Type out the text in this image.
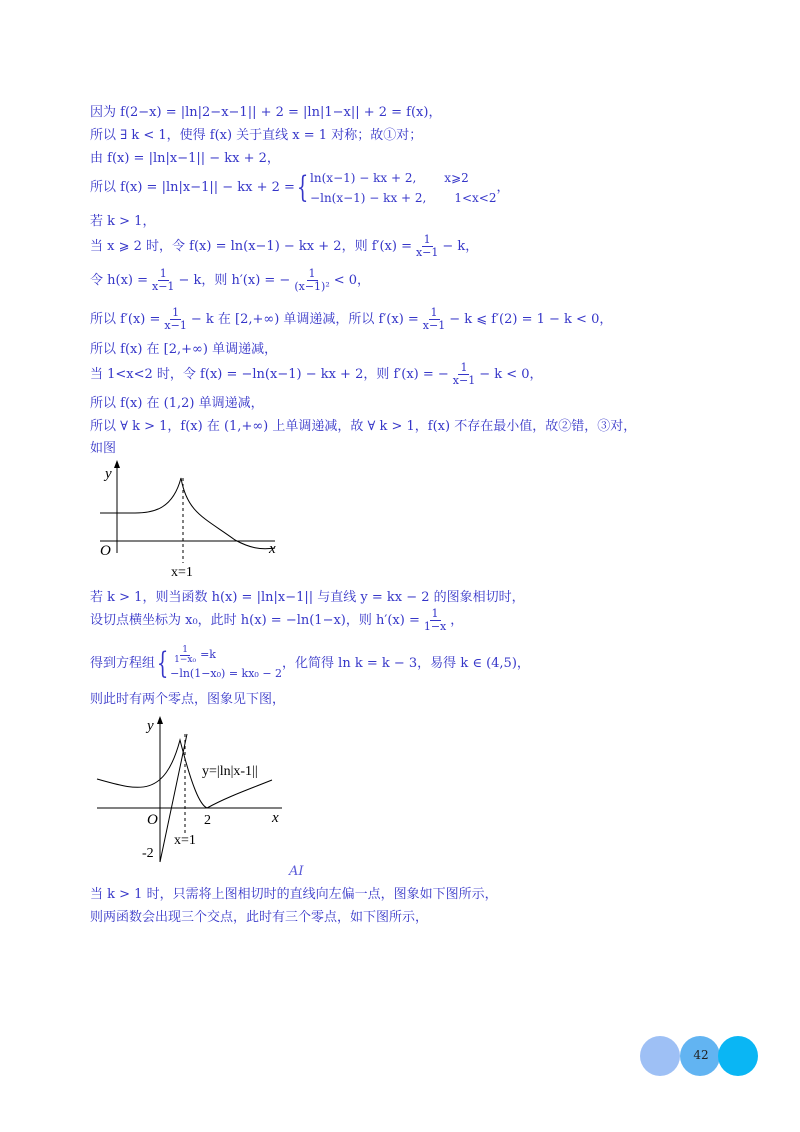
因为 f(2−x) = |ln|2−x−1|| + 2 = |ln|1−x|| + 2 = f(x)，
所以 ∃ k < 1，使得 f(x) 关于直线 x = 1 对称；故①对；
由 f(x) = |ln|x−1|| − kx + 2，
所以 f(x) = |ln|x−1|| − kx + 2 = { ln(x−1) − kx + 2, x⩾2
−ln(x−1) − kx + 2, 1<x<2
，
若 k > 1，
当 x ⩾ 2 时，令 f(x) = ln(x−1) − kx + 2，则 $f'(x) = \frac{1}{x-1} - k$，
令 $h(x) = \frac{1}{x-1} - k$，则 h′(x) = − $\frac{1}{\text{(x−1)²}} < 0$，
所以 $f'(x) = \frac{1}{x-1} - k$ 在 [2,+∞) 单调递减，所以 $f'(x) = \frac{1}{x-1} - k$ ⩽ f′(2) = 1 − k < 0，
所以 f(x) 在 [2,+∞) 单调递减，
当 1<x<2 时，令 f(x) = −ln(x−1) − kx + 2，则 f′(x) = − $\frac{1}{x-1} - k < 0$，
所以 f(x) 在 (1,2) 单调递减，
所以 ∀ k > 1，f(x) 在 (1,+∞) 上单调递减，故 ∀ k > 1，f(x) 不存在最小值，故②错，③对，
如图
y
x
O
x=1
若 k > 1，则当函数 h(x) = |ln|x−1|| 与直线 y = kx − 2 的图象相切时，
设切点横坐标为 x₀，此时 h(x) = −ln(1−x)，则 $h'(x) = \frac{1}{1-x}$ ，
得到方程组 { $\frac{1}{\text{1−x₀}} =k$
−ln(1−x₀) = kx₀ − 2
，化简得 ln k = k − 3，易得 k ∈ (4,5)，
则此时有两个零点，图象见下图，
y
x
O	2
-2
x=1
y=|ln|x-1||
AI
当 k > 1 时，只需将上图相切时的直线向左偏一点，图象如下图所示，
则两函数会出现三个交点，此时有三个零点，如下图所示，
42
